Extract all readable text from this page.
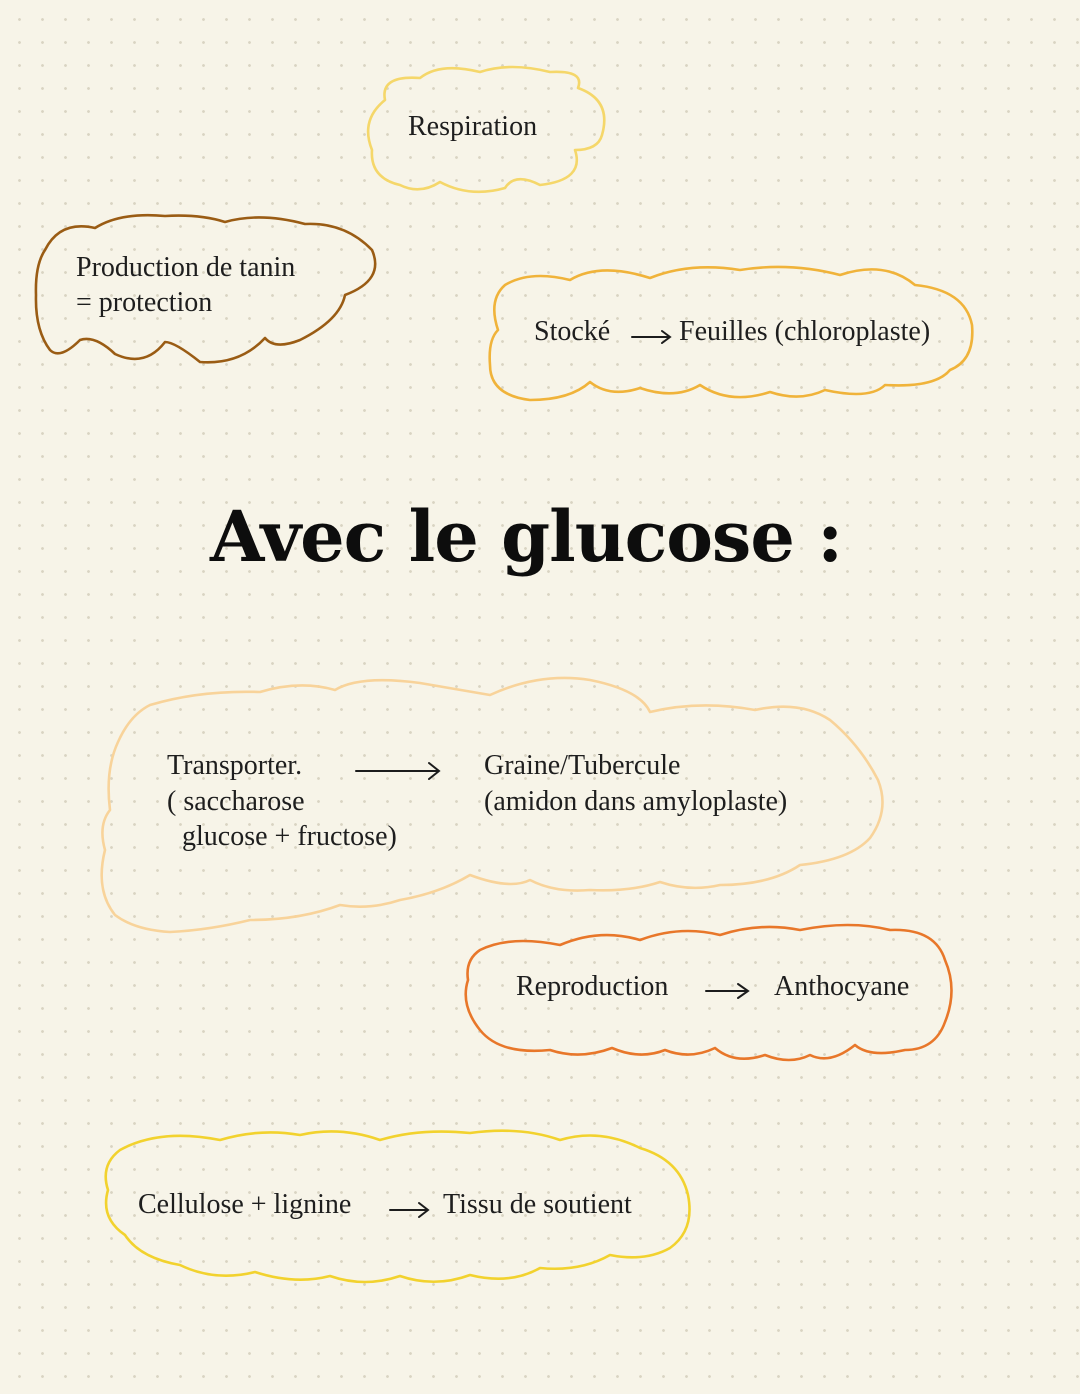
Respiration
Production de tanin
= protection
Stocké Feuilles (chloroplaste)
Avec le glucose :
Transporter.
( saccharose
glucose + fructose)
Graine/Tubercule
(amidon dans amyloplaste)
Reproduction	Anthocyane
Cellulose + lignine	Tissu de soutient
